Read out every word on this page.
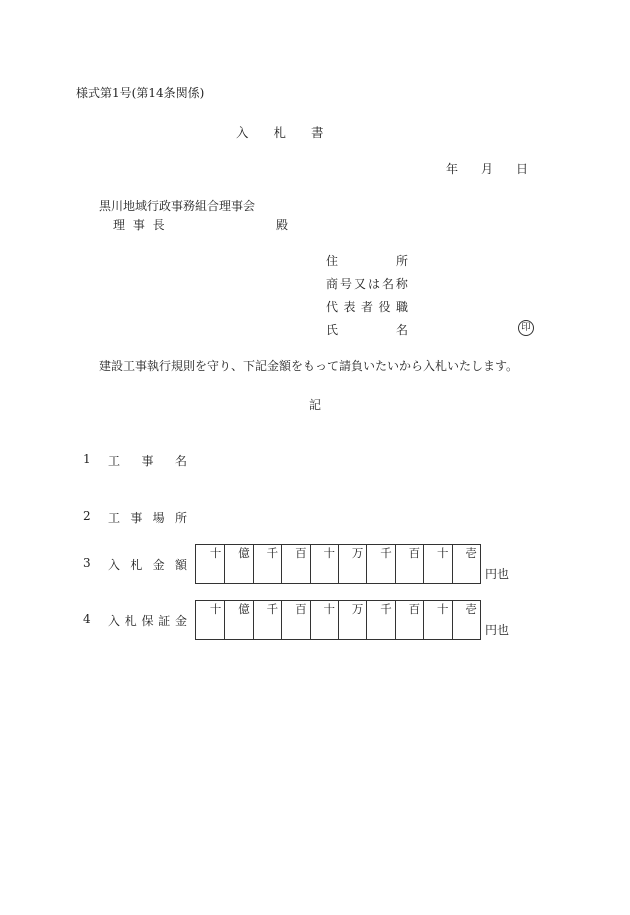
様式第1号(第14条関係)
入　　札　　書
年 月 日
黒川地域行政事務組合理事会
理 事 長	殿
住	所
商 号 又 は 名 称
代 表 者 役 職
氏	名	印
建設工事執行規則を守り、下記金額をもって請負いたいから入札いたします。
記
1 工 事 名
2 工 事 場 所
3 入 札 金 額
十 億 千 百 十 万 千 百 十 壱
円也
4 入 札 保 証 金
十 億 千 百 十 万 千 百 十 壱
円也
